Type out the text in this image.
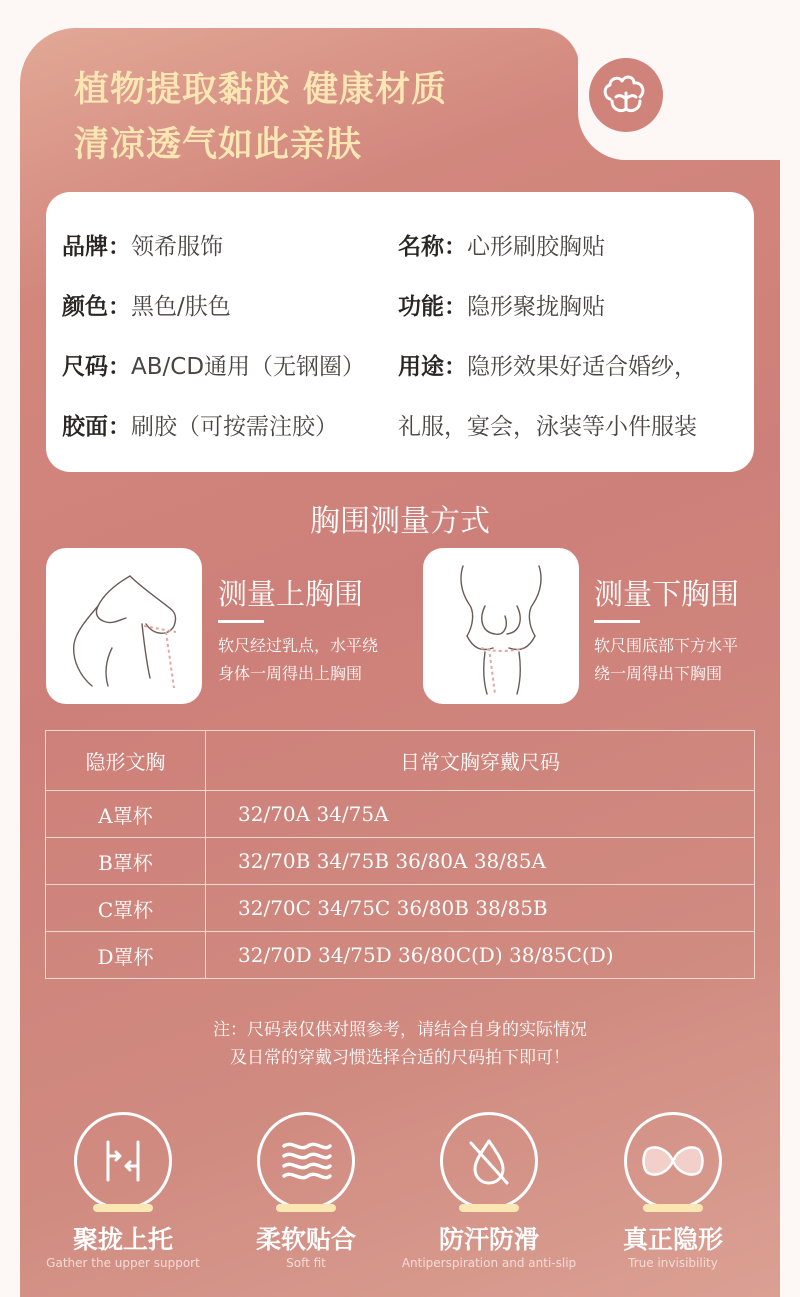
植物提取黏胶 健康材质
清凉透气如此亲肤
品牌：领希服饰	名称：心形刷胶胸贴
颜色：黑色/肤色	功能：隐形聚拢胸贴
尺码：AB/CD通用（无钢圈） 用途：隐形效果好适合婚纱，
胶面：刷胶（可按需注胶）	礼服，宴会，泳装等小件服装
胸围测量方式
测量上胸围
软尺经过乳点，水平绕
身体一周得出上胸围
测量下胸围
软尺围底部下方水平
绕一周得出下胸围
隐形文胸	日常文胸穿戴尺码
A罩杯	32/70A 34/75A
B罩杯	32/70B 34/75B 36/80A 38/85A
C罩杯	32/70C 34/75C 36/80B 38/85B
D罩杯	32/70D 34/75D 36/80C(D) 38/85C(D)
注：尺码表仅供对照参考，请结合自身的实际情况
及日常的穿戴习惯选择合适的尺码拍下即可！
聚拢上托
Gather the upper support
柔软贴合
Soft fit
防汗防滑
Antiperspiration and anti-slip
真正隐形
True invisibility
